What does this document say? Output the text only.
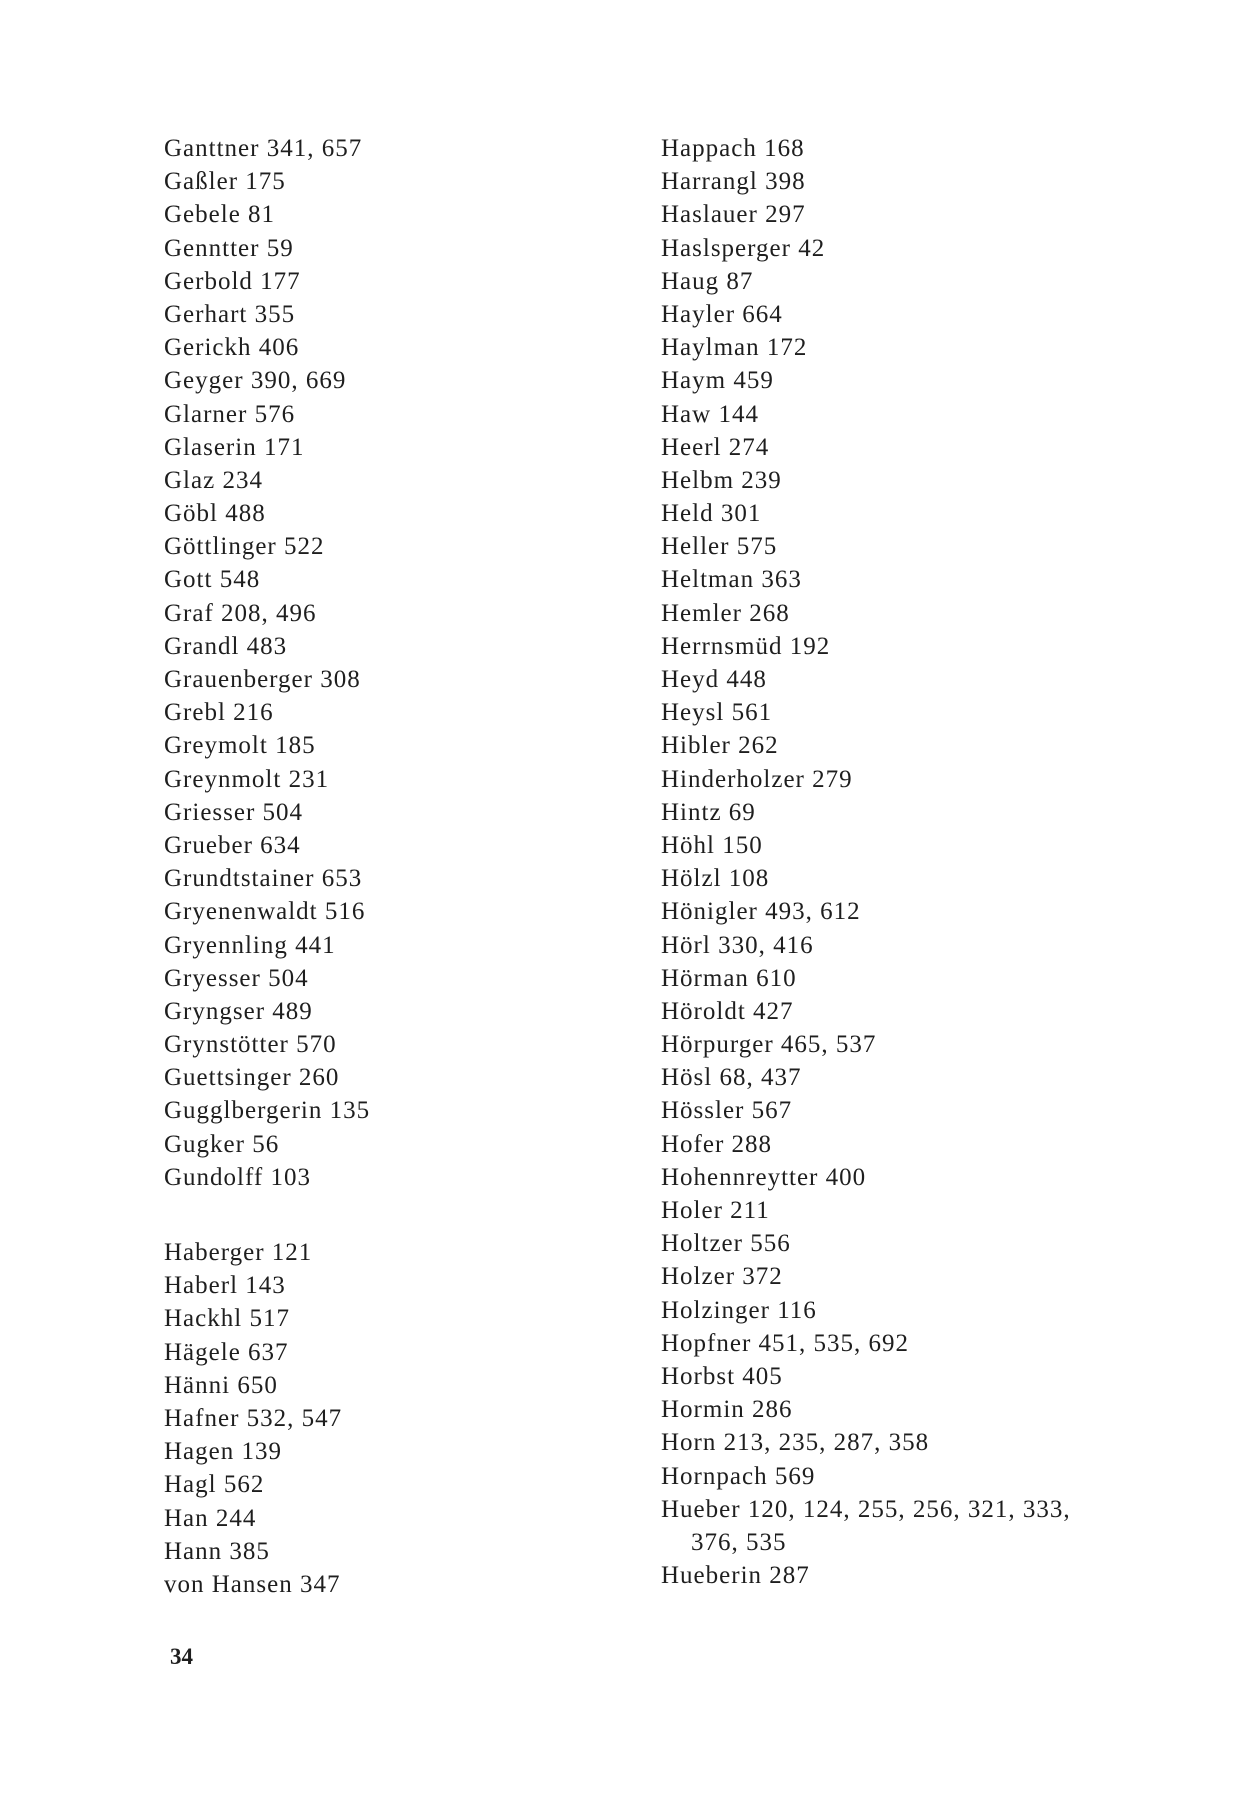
Ganttner 341, 657
Gaßler 175
Gebele 81
Genntter 59
Gerbold 177
Gerhart 355
Gerickh 406
Geyger 390, 669
Glarner 576
Glaserin 171
Glaz 234
Göbl 488
Göttlinger 522
Gott 548
Graf 208, 496
Grandl 483
Grauenberger 308
Grebl 216
Greymolt 185
Greynmolt 231
Griesser 504
Grueber 634
Grundtstainer 653
Gryenenwaldt 516
Gryennling 441
Gryesser 504
Gryngser 489
Grynstötter 570
Guettsinger 260
Gugglbergerin 135
Gugker 56
Gundolff 103
Haberger 121
Haberl 143
Hackhl 517
Hägele 637
Hänni 650
Hafner 532, 547
Hagen 139
Hagl 562
Han 244
Hann 385
von Hansen 347
Happach 168
Harrangl 398
Haslauer 297
Haslsperger 42
Haug 87
Hayler 664
Haylman 172
Haym 459
Haw 144
Heerl 274
Helbm 239
Held 301
Heller 575
Heltman 363
Hemler 268
Herrnsmüd 192
Heyd 448
Heysl 561
Hibler 262
Hinderholzer 279
Hintz 69
Höhl 150
Hölzl 108
Hönigler 493, 612
Hörl 330, 416
Hörman 610
Höroldt 427
Hörpurger 465, 537
Hösl 68, 437
Hössler 567
Hofer 288
Hohennreytter 400
Holer 211
Holtzer 556
Holzer 372
Holzinger 116
Hopfner 451, 535, 692
Horbst 405
Hormin 286
Horn 213, 235, 287, 358
Hornpach 569
Hueber 120, 124, 255, 256, 321, 333,
376, 535
Hueberin 287
34
